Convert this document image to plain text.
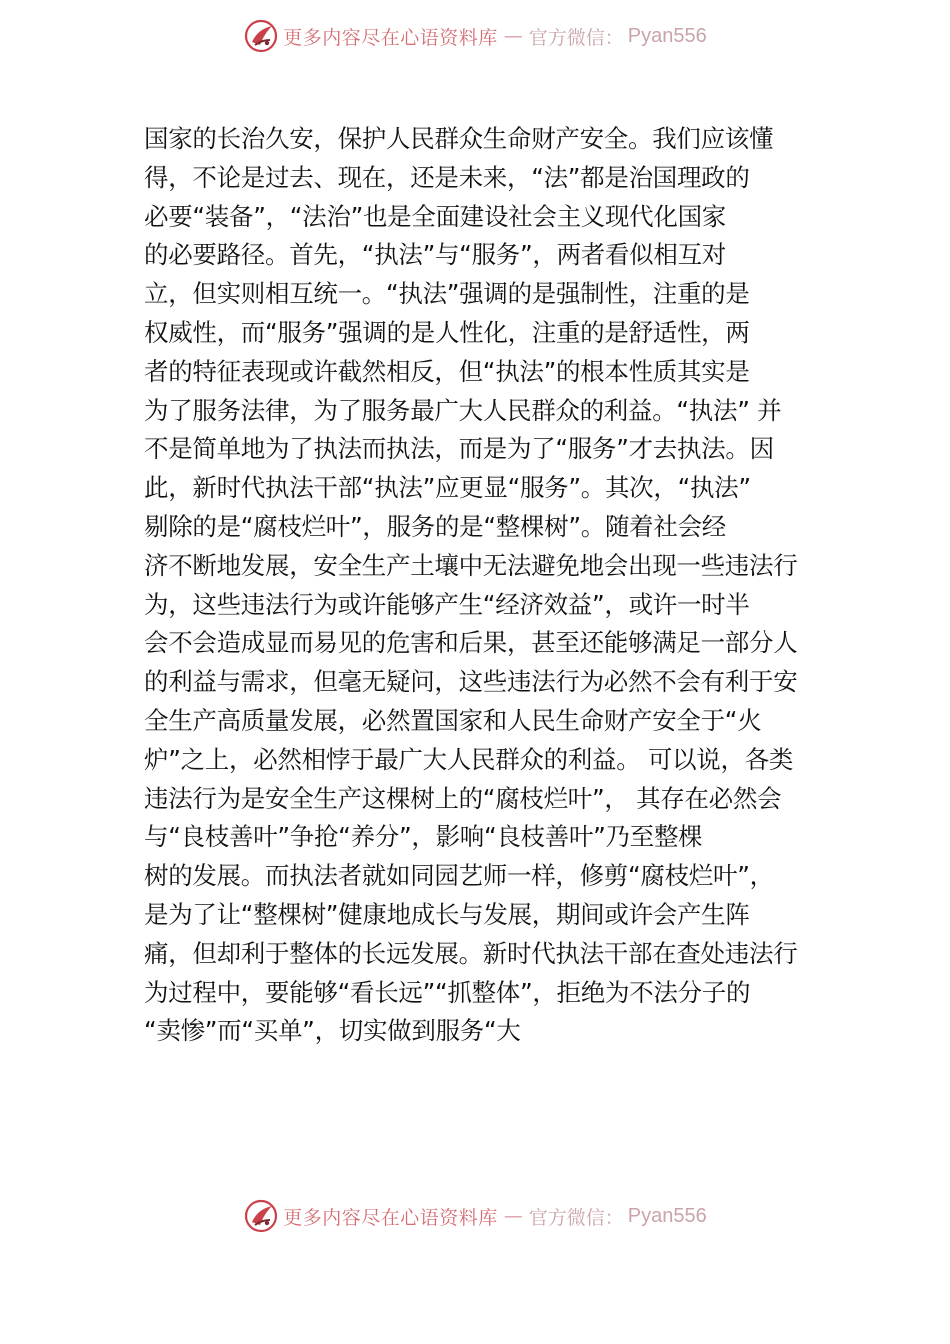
更多内容尽在心语资料库 — 官方微信： Pyan556
国家的长治久安，保护人民群众生命财产安全。我们应该懂
得，不论是过去、现在，还是未来，“法”都是治国理政的
必要“装备”，“法治”也是全面建设社会主义现代化国家
的必要路径。首先，“执法”与“服务”，两者看似相互对
立，但实则相互统一。“执法”强调的是强制性，注重的是
权威性，而“服务”强调的是人性化，注重的是舒适性，两
者的特征表现或许截然相反，但“执法”的根本性质其实是
为了服务法律，为了服务最广大人民群众的利益。“执法” 并
不是简单地为了执法而执法，而是为了“服务”才去执法。因
此，新时代执法干部“执法”应更显“服务”。其次，“执法”
剔除的是“腐枝烂叶”，服务的是“整棵树”。随着社会经
济不断地发展，安全生产土壤中无法避免地会出现一些违法行
为，这些违法行为或许能够产生“经济效益”，或许一时半
会不会造成显而易见的危害和后果，甚至还能够满足一部分人
的利益与需求，但毫无疑问，这些违法行为必然不会有利于安
全生产高质量发展，必然置国家和人民生命财产安全于“火
炉”之上，必然相悖于最广大人民群众的利益。 可以说，各类
违法行为是安全生产这棵树上的“腐枝烂叶”， 其存在必然会
与“良枝善叶”争抢“养分”，影响“良枝善叶”乃至整棵
树的发展。而执法者就如同园艺师一样，修剪“腐枝烂叶”，
是为了让“整棵树”健康地成长与发展，期间或许会产生阵
痛，但却利于整体的长远发展。新时代执法干部在查处违法行
为过程中，要能够“看长远”“抓整体”，拒绝为不法分子的
“卖惨”而“买单”，切实做到服务“大
更多内容尽在心语资料库 — 官方微信： Pyan556
